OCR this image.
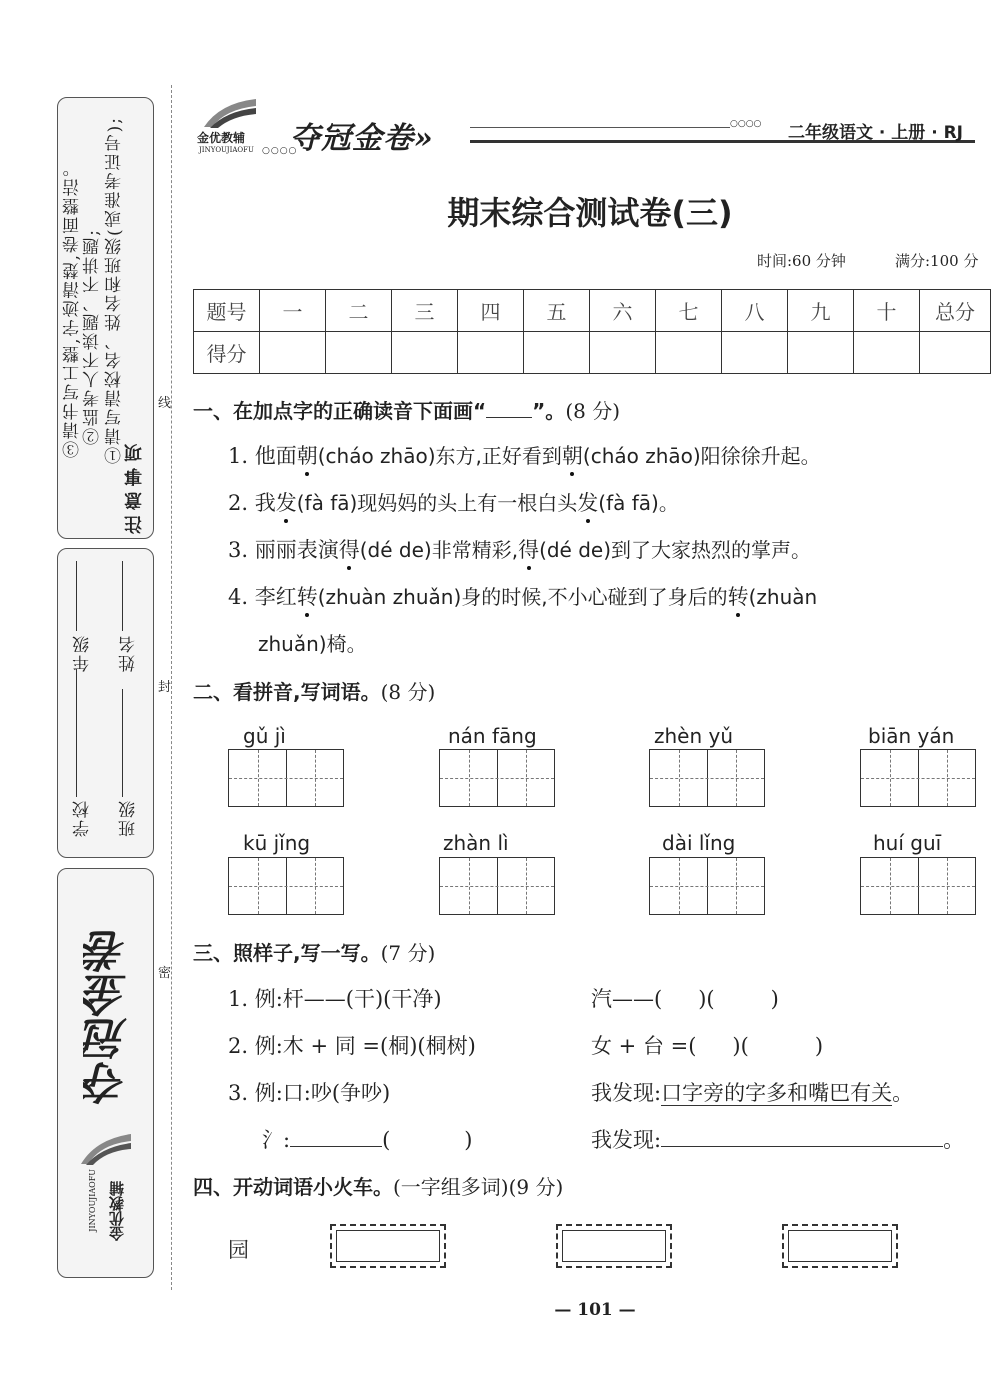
注意事项
①请写清校名、姓名和班级(或准考证号);
②监考人不读题、不讲题;
③请书写工整,字迹清楚,卷面整洁。
学校
年级
班级
姓名
夺冠金卷
金优教辅
JINYOUJIAOFU
线
封
密
金优教辅
JINYOUJIAOFU ○○○○
夺冠金卷»	○○○○ 二年级语文 · 上册 · RJ
期末综合测试卷(三)
时间:60 分钟	满分:100 分
题号	一	二	三	四	五	六	七	八	九	十	总分
得分											
一、在加点字的正确读音下面画“ ”。(8 分)
1. 他面朝(cháo zhāo)东方,正好看到朝(cháo zhāo)阳徐徐升起。
2. 我发(fà fā)现妈妈的头上有一根白头发(fà fā)。
3. 丽丽表演得(dé de)非常精彩,得(dé de)到了大家热烈的掌声。
4. 李红转(zhuàn zhuǎn)身的时候,不小心碰到了身后的转(zhuàn
zhuǎn)椅。
二、看拼音,写词语。(8 分)
gǔ jì	nán fāng	zhèn yǔ	biān yán
kū jǐng	zhàn lì	dài lǐng	huí guī
三、照样子,写一写。(7 分)
1. 例:杆——(干)(干净)	汽——( )(	)
2. 例:木 + 同 =(桐)(桐树)	女 + 台 =( )(	)
3. 例:口:吵(争吵)	我发现:口字旁的字多和嘴巴有关。
氵:	(	)	我发现:	。
四、开动词语小火车。(一字组多词)(9 分)
园
— 101 —
